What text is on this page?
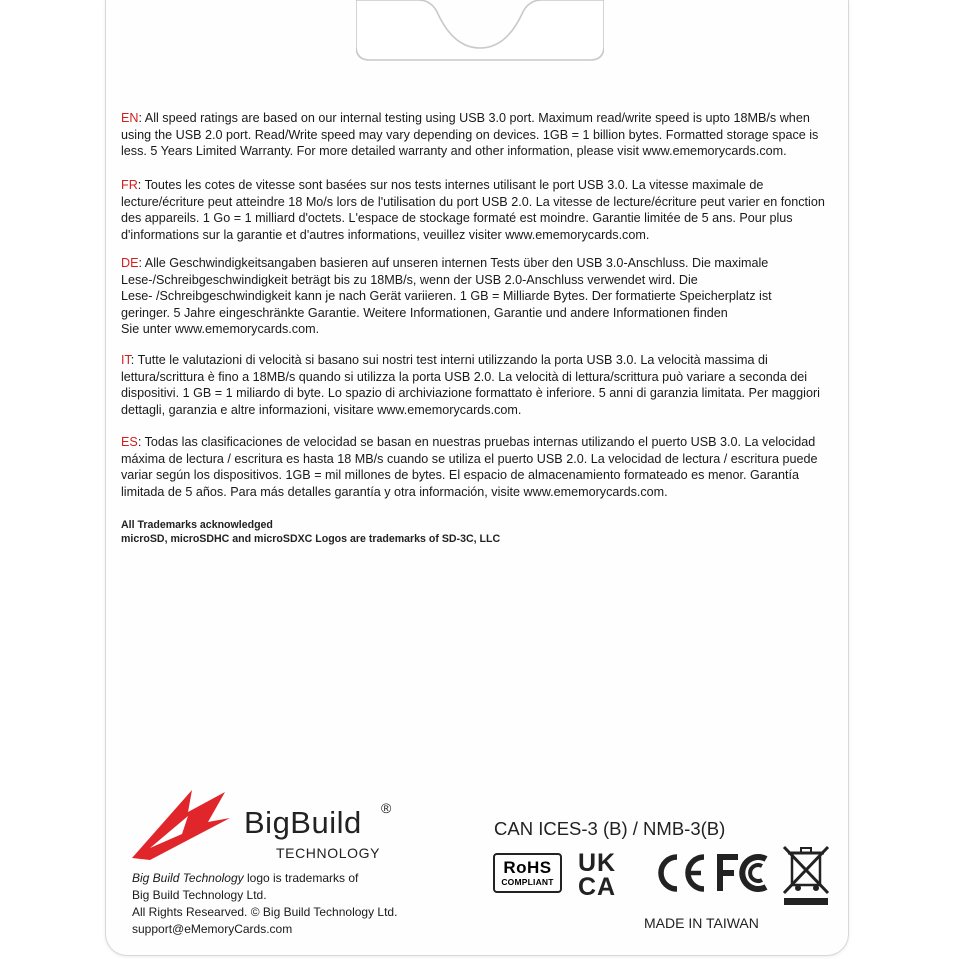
EN: All speed ratings are based on our internal testing using USB 3.0 port. Maximum read/write speed is upto 18MB/s when
using the USB 2.0 port. Read/Write speed may vary depending on devices. 1GB = 1 billion bytes. Formatted storage space is
less. 5 Years Limited Warranty. For more detailed warranty and other information, please visit www.ememorycards.com.
FR: Toutes les cotes de vitesse sont basées sur nos tests internes utilisant le port USB 3.0. La vitesse maximale de
lecture/écriture peut atteindre 18 Mo/s lors de l'utilisation du port USB 2.0. La vitesse de lecture/écriture peut varier en fonction
des appareils. 1 Go = 1 milliard d'octets. L'espace de stockage formaté est moindre. Garantie limitée de 5 ans. Pour plus
d'informations sur la garantie et d'autres informations, veuillez visiter www.ememorycards.com.
DE: Alle Geschwindigkeitsangaben basieren auf unseren internen Tests über den USB 3.0-Anschluss. Die maximale
Lese-/Schreibgeschwindigkeit beträgt bis zu 18MB/s, wenn der USB 2.0-Anschluss verwendet wird. Die
Lese- /Schreibgeschwindigkeit kann je nach Gerät variieren. 1 GB = Milliarde Bytes. Der formatierte Speicherplatz ist
geringer. 5 Jahre eingeschränkte Garantie. Weitere Informationen, Garantie und andere Informationen finden
Sie unter www.ememorycards.com.
IT: Tutte le valutazioni di velocità si basano sui nostri test interni utilizzando la porta USB 3.0. La velocità massima di
lettura/scrittura è fino a 18MB/s quando si utilizza la porta USB 2.0. La velocità di lettura/scrittura può variare a seconda dei
dispositivi. 1 GB = 1 miliardo di byte. Lo spazio di archiviazione formattato è inferiore. 5 anni di garanzia limitata. Per maggiori
dettagli, garanzia e altre informazioni, visitare www.ememorycards.com.
ES: Todas las clasificaciones de velocidad se basan en nuestras pruebas internas utilizando el puerto USB 3.0. La velocidad
máxima de lectura / escritura es hasta 18 MB/s cuando se utiliza el puerto USB 2.0. La velocidad de lectura / escritura puede
variar según los dispositivos. 1GB = mil millones de bytes. El espacio de almacenamiento formateado es menor. Garantía
limitada de 5 años. Para más detalles garantía y otra información, visite www.ememorycards.com.
All Trademarks acknowledged
microSD, microSDHC and microSDXC Logos are trademarks of SD-3C, LLC
BigBuild ®
TECHNOLOGY
Big Build Technology logo is trademarks of
Big Build Technology Ltd.
All Rights Researved. © Big Build Technology Ltd.
support@eMemoryCards.com
CAN ICES-3 (B) / NMB-3(B)
RoHS
COMPLIANT
UK
CA
MADE IN TAIWAN
